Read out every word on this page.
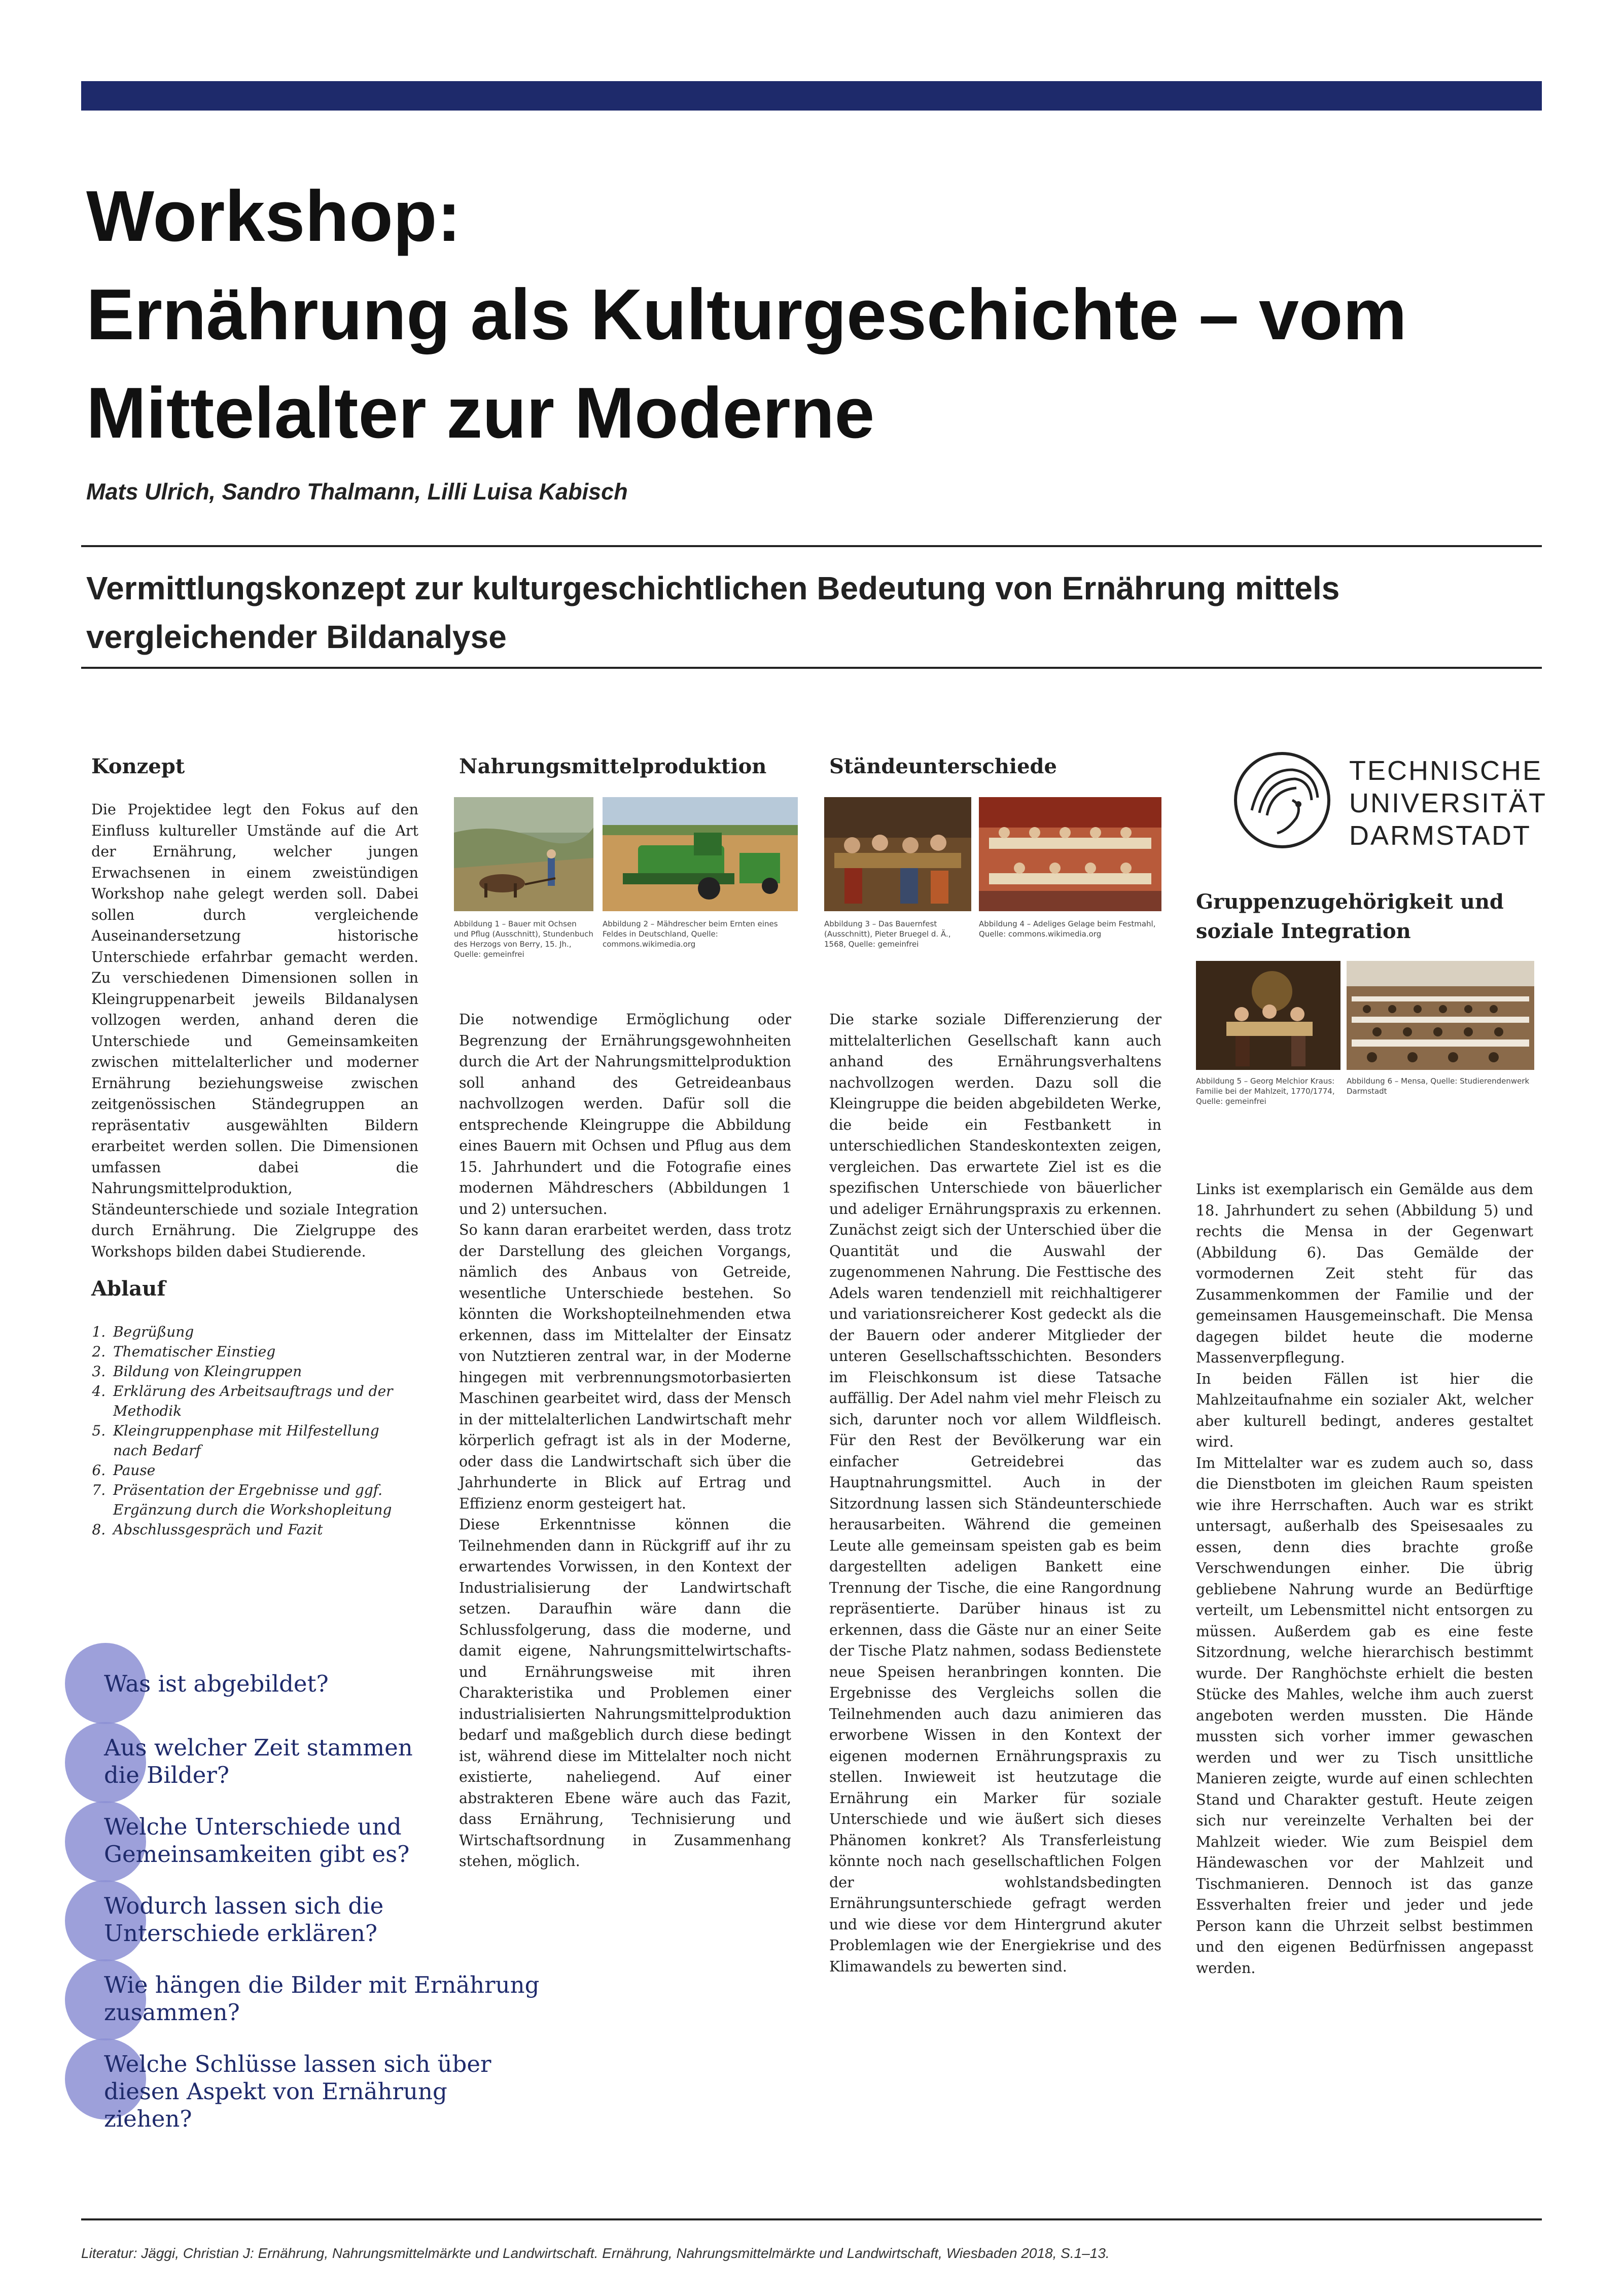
Workshop:
Ernährung als Kulturgeschichte – vom
Mittelalter zur Moderne
Mats Ulrich, Sandro Thalmann, Lilli Luisa Kabisch
Vermittlungskonzept zur kulturgeschichtlichen Bedeutung von Ernährung mittels
vergleichender Bildanalyse
Konzept

Die Projektidee legt den Fokus auf den Einfluss kultureller Umstände auf die Art der Ernährung, welcher jungen Erwachsenen in einem zweistündigen Workshop nahe gelegt werden soll. Dabei sollen durch vergleichende Auseinandersetzung historische Unterschiede erfahrbar gemacht werden. Zu verschiedenen Dimensionen sollen in Kleingruppenarbeit jeweils Bildanalysen vollzogen werden, anhand deren die Unterschiede und Gemeinsamkeiten zwischen mittelalterlicher und moderner Ernährung beziehungsweise zwischen zeitgenössischen Ständegruppen an repräsentativ ausgewählten Bildern erarbeitet werden sollen. Die Dimensionen umfassen dabei die Nahrungsmittelproduktion, Ständeunterschiede und soziale Integration durch Ernährung. Die Zielgruppe des Workshops bilden dabei Studierende.

Ablauf
1. Begrüßung
2. Thematischer Einstieg
3. Bildung von Kleingruppen
4. Erklärung des Arbeitsauftrags und der Methodik
5. Kleingruppenphase mit Hilfestellung nach Bedarf
6. Pause
7. Präsentation der Ergebnisse und ggf. Ergänzung durch die Workshopleitung
8. Abschlussgespräch und Fazit
Was ist abgebildet?
Aus welcher Zeit stammen die Bilder?
Welche Unterschiede und Gemeinsamkeiten gibt es?
Wodurch lassen sich die Unterschiede erklären?
Wie hängen die Bilder mit Ernährung zusammen?
Welche Schlüsse lassen sich über diesen Aspekt von Ernährung ziehen?
Nahrungsmittelproduktion
Abbildung 1 – Bauer mit Ochsen und Pflug (Ausschnitt), Stundenbuch des Herzogs von Berry, 15. Jh., Quelle: gemeinfrei
Abbildung 2 – Mähdrescher beim Ernten eines Feldes in Deutschland, Quelle: commons.wikimedia.org

Die notwendige Ermöglichung oder Begrenzung der Ernährungsgewohnheiten durch die Art der Nahrungsmittelproduktion soll anhand des Getreideanbaus nachvollzogen werden. Dafür soll die entsprechende Kleingruppe die Abbildung eines Bauern mit Ochsen und Pflug aus dem 15. Jahrhundert und die Fotografie eines modernen Mähdreschers (Abbildungen 1 und 2) untersuchen.

So kann daran erarbeitet werden, dass trotz der Darstellung des gleichen Vorgangs, nämlich des Anbaus von Getreide, wesentliche Unterschiede bestehen. So könnten die Workshopteilnehmenden etwa erkennen, dass im Mittelalter der Einsatz von Nutztieren zentral war, in der Moderne hingegen mit verbrennungsmotorbasierten Maschinen gearbeitet wird, dass der Mensch in der mittelalterlichen Landwirtschaft mehr körperlich gefragt ist als in der Moderne, oder dass die Landwirtschaft sich über die Jahrhunderte in Blick auf Ertrag und Effizienz enorm gesteigert hat.

Diese Erkenntnisse können die Teilnehmenden dann in Rückgriff auf ihr zu erwartendes Vorwissen, in den Kontext der Industrialisierung der Landwirtschaft setzen. Daraufhin wäre dann die Schlussfolgerung, dass die moderne, und damit eigene, Nahrungsmittelwirtschafts- und Ernährungsweise mit ihren Charakteristika und Problemen einer industrialisierten Nahrungsmittelproduktion bedarf und maßgeblich durch diese bedingt ist, während diese im Mittelalter noch nicht existierte, naheliegend. Auf einer abstrakteren Ebene wäre auch das Fazit, dass Ernährung, Technisierung und Wirtschaftsordnung in Zusammenhang stehen, möglich.

Ständeunterschiede
Abbildung 3 – Das Bauernfest (Ausschnitt), Pieter Bruegel d. Ä., 1568, Quelle: gemeinfrei
Abbildung 4 – Adeliges Gelage beim Festmahl, Quelle: commons.wikimedia.org

Die starke soziale Differenzierung der mittelalterlichen Gesellschaft kann auch anhand des Ernährungsverhaltens nachvollzogen werden. Dazu soll die Kleingruppe die beiden abgebildeten Werke, die beide ein Festbankett in unterschiedlichen Standeskontexten zeigen, vergleichen. Das erwartete Ziel ist es die spezifischen Unterschiede von bäuerlicher und adeliger Ernährungspraxis zu erkennen. Zunächst zeigt sich der Unterschied über die Quantität und die Auswahl der zugenommenen Nahrung. Die Festtische des Adels waren tendenziell mit reichhaltigerer und variationsreicherer Kost gedeckt als die der Bauern oder anderer Mitglieder der unteren Gesellschaftsschichten. Besonders im Fleischkonsum ist diese Tatsache auffällig. Der Adel nahm viel mehr Fleisch zu sich, darunter noch vor allem Wildfleisch. Für den Rest der Bevölkerung war ein einfacher Getreidebrei das Hauptnahrungsmittel. Auch in der Sitzordnung lassen sich Ständeunterschiede herausarbeiten. Während die gemeinen Leute alle gemeinsam speisten gab es beim dargestellten adeligen Bankett eine Trennung der Tische, die eine Rangordnung repräsentierte. Darüber hinaus ist zu erkennen, dass die Gäste nur an einer Seite der Tische Platz nahmen, sodass Bedienstete neue Speisen heranbringen konnten. Die Ergebnisse des Vergleichs sollen die Teilnehmenden auch dazu animieren das erworbene Wissen in den Kontext der eigenen modernen Ernährungspraxis zu stellen. Inwieweit ist heutzutage die Ernährung ein Marker für soziale Unterschiede und wie äußert sich dieses Phänomen konkret? Als Transferleistung könnte noch nach gesellschaftlichen Folgen der wohlstandsbedingten Ernährungsunterschiede gefragt werden und wie diese vor dem Hintergrund akuter Problemlagen wie der Energiekrise und des Klimawandels zu bewerten sind.

TECHNISCHE
UNIVERSITÄT
DARMSTADT
Gruppenzugehörigkeit und
soziale Integration
Abbildung 5 – Georg Melchior Kraus: Familie bei der Mahlzeit, 1770/1774, Quelle: gemeinfrei
Abbildung 6 – Mensa, Quelle: Studierendenwerk Darmstadt

Links ist exemplarisch ein Gemälde aus dem 18. Jahrhundert zu sehen (Abbildung 5) und rechts die Mensa in der Gegenwart (Abbildung 6). Das Gemälde der vormodernen Zeit steht für das Zusammenkommen der Familie und der gemeinsamen Hausgemeinschaft. Die Mensa dagegen bildet heute die moderne Massenverpflegung.

In beiden Fällen ist hier die Mahlzeitaufnahme ein sozialer Akt, welcher aber kulturell bedingt, anderes gestaltet wird.

Im Mittelalter war es zudem auch so, dass die Dienstboten im gleichen Raum speisten wie ihre Herrschaften. Auch war es strikt untersagt, außerhalb des Speisesaales zu essen, denn dies brachte große Verschwendungen einher. Die übrig gebliebene Nahrung wurde an Bedürftige verteilt, um Lebensmittel nicht entsorgen zu müssen. Außerdem gab es eine feste Sitzordnung, welche hierarchisch bestimmt wurde. Der Ranghöchste erhielt die besten Stücke des Mahles, welche ihm auch zuerst angeboten werden mussten. Die Hände mussten sich vorher immer gewaschen werden und wer zu Tisch unsittliche Manieren zeigte, wurde auf einen schlechten Stand und Charakter gestuft. Heute zeigen sich nur vereinzelte Verhalten bei der Mahlzeit wieder. Wie zum Beispiel dem Händewaschen vor der Mahlzeit und Tischmanieren. Dennoch ist das ganze Essverhalten freier und jeder und jede Person kann die Uhrzeit selbst bestimmen und den eigenen Bedürfnissen angepasst werden.

Literatur: Jäggi, Christian J: Ernährung, Nahrungsmittelmärkte und Landwirtschaft. Ernährung, Nahrungsmittelmärkte und Landwirtschaft, Wiesbaden 2018, S.1–13.
